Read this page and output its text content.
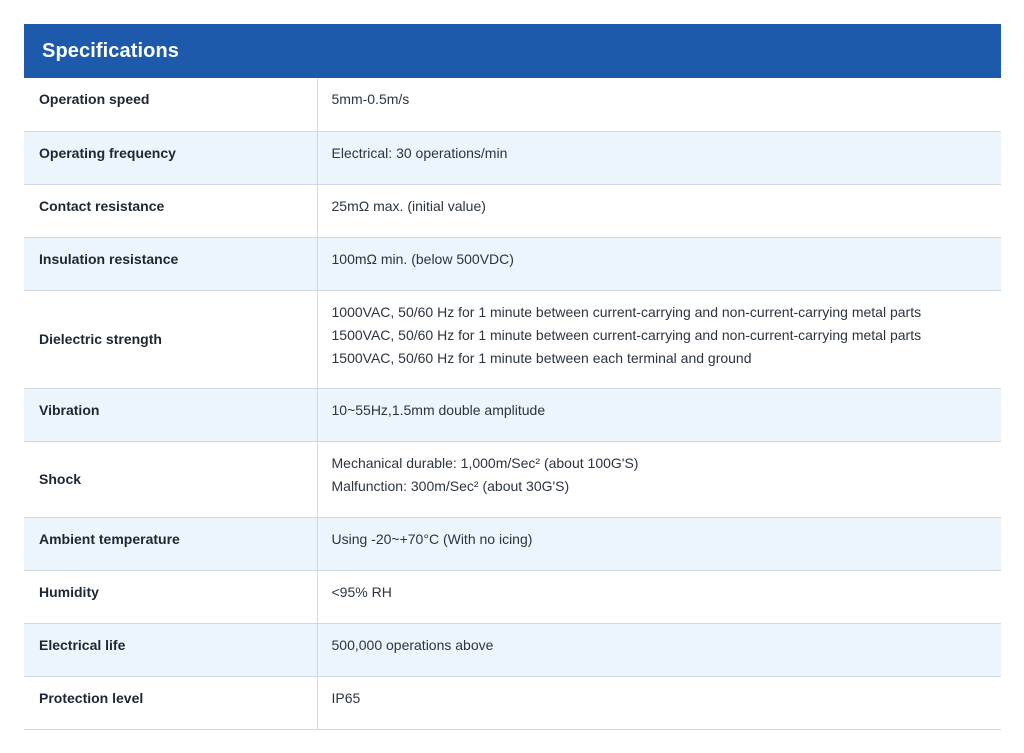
Specifications
Operation speed	5mm-0.5m/s

Operating frequency	Electrical: 30 operations/min

Contact resistance	25mΩ max. (initial value)

Insulation resistance	100mΩ min. (below 500VDC)

Dielectric strength	1000VAC, 50/60 Hz for 1 minute between current-carrying and non-current-carrying metal parts
1500VAC, 50/60 Hz for 1 minute between current-carrying and non-current-carrying metal parts
1500VAC, 50/60 Hz for 1 minute between each terminal and ground

Vibration	10~55Hz,1.5mm double amplitude

Shock	Mechanical durable: 1,000m/Sec² (about 100G'S)
Malfunction: 300m/Sec² (about 30G'S)

Ambient temperature	Using -20~+70°C (With no icing)

Humidity	<95% RH

Electrical life	500,000 operations above

Protection level	IP65
